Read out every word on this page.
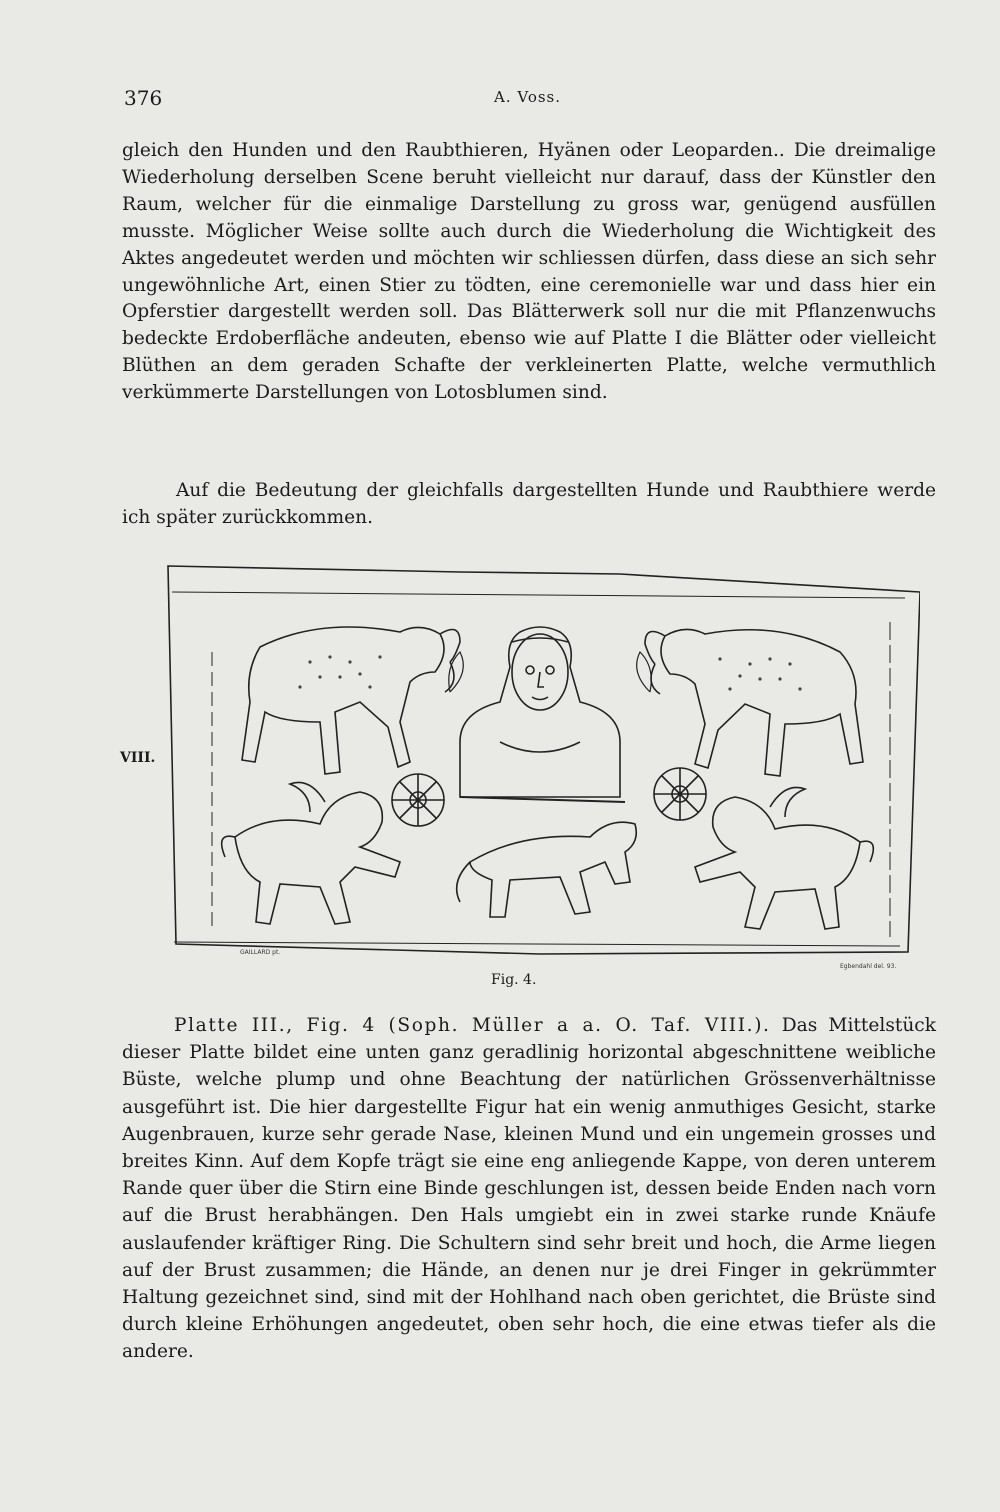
376	A. Voss.

gleich den Hunden und den Raubthieren, Hyänen oder Leoparden.. Die dreimalige Wiederholung derselben Scene beruht vielleicht nur darauf, dass der Künstler den Raum, welcher für die einmalige Darstellung zu gross war, genügend ausfüllen musste. Möglicher Weise sollte auch durch die Wiederholung die Wichtigkeit des Aktes angedeutet werden und möchten wir schliessen dürfen, dass diese an sich sehr ungewöhnliche Art, einen Stier zu tödten, eine ceremonielle war und dass hier ein Opferstier dargestellt werden soll. Das Blätterwerk soll nur die mit Pflanzenwuchs bedeckte Erdoberfläche andeuten, ebenso wie auf Platte I die Blätter oder vielleicht Blüthen an dem geraden Schafte der verkleinerten Platte, welche vermuthlich verkümmerte Darstellungen von Lotosblumen sind.

Auf die Bedeutung der gleichfalls dargestellten Hunde und Raubthiere werde ich später zurückkommen.

VIII.
GAILLARD pt.
Egbendahl del. 93.
Fig. 4.

Platte III., Fig. 4 (Soph. Müller a a. O. Taf. VIII.). Das Mittelstück dieser Platte bildet eine unten ganz geradlinig horizontal abgeschnittene weibliche Büste, welche plump und ohne Beachtung der natürlichen Grössenverhältnisse ausgeführt ist. Die hier dargestellte Figur hat ein wenig anmuthiges Gesicht, starke Augenbrauen, kurze sehr gerade Nase, kleinen Mund und ein ungemein grosses und breites Kinn. Auf dem Kopfe trägt sie eine eng anliegende Kappe, von deren unterem Rande quer über die Stirn eine Binde geschlungen ist, dessen beide Enden nach vorn auf die Brust herabhängen. Den Hals umgiebt ein in zwei starke runde Knäufe auslaufender kräftiger Ring. Die Schultern sind sehr breit und hoch, die Arme liegen auf der Brust zusammen; die Hände, an denen nur je drei Finger in gekrümmter Haltung gezeichnet sind, sind mit der Hohlhand nach oben gerichtet, die Brüste sind durch kleine Erhöhungen angedeutet, oben sehr hoch, die eine etwas tiefer als die andere.
